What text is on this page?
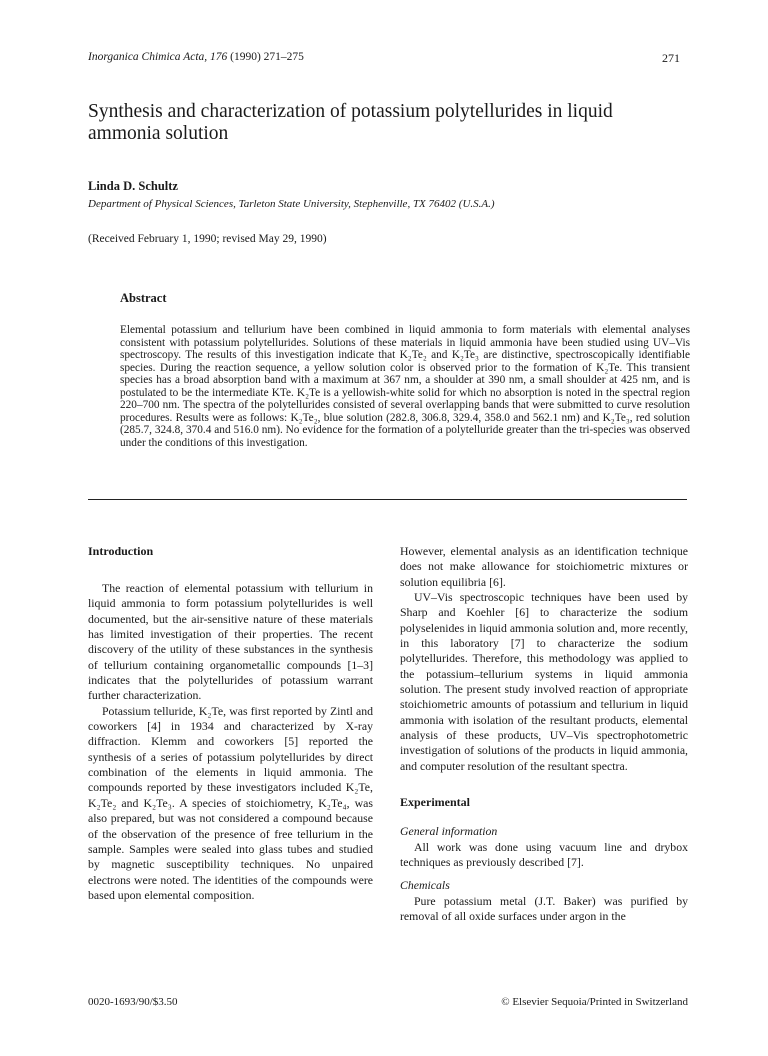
Inorganica Chimica Acta, 176 (1990) 271–275	271
Synthesis and characterization of potassium polytellurides in liquid ammonia solution
Linda D. Schultz
Department of Physical Sciences, Tarleton State University, Stephenville, TX 76402 (U.S.A.)
(Received February 1, 1990; revised May 29, 1990)
Abstract
Elemental potassium and tellurium have been combined in liquid ammonia to form materials with elemental analyses consistent with potassium polytellurides. Solutions of these materials in liquid ammonia have been studied using UV–Vis spectroscopy. The results of this investigation indicate that K₂Te₂ and K₂Te₃ are distinctive, spectroscopically identifiable species. During the reaction sequence, a yellow solution color is observed prior to the formation of K₂Te. This transient species has a broad absorption band with a maximum at 367 nm, a shoulder at 390 nm, a small shoulder at 425 nm, and is postulated to be the intermediate KTe. K₂Te is a yellowish-white solid for which no absorption is noted in the spectral region 220–700 nm. The spectra of the polytellurides consisted of several overlapping bands that were submitted to curve resolution procedures. Results were as follows: K₂Te₂, blue solution (282.8, 306.8, 329.4, 358.0 and 562.1 nm) and K₂Te₃, red solution (285.7, 324.8, 370.4 and 516.0 nm). No evidence for the formation of a polytelluride greater than the tri-species was observed under the conditions of this investigation.
Introduction

The reaction of elemental potassium with tellurium in liquid ammonia to form potassium polytellurides is well documented, but the air-sensitive nature of these materials has limited investigation of their properties. The recent discovery of the utility of these substances in the synthesis of tellurium containing organometallic compounds [1–3] indicates that the polytellurides of potassium warrant further characterization.

Potassium telluride, K₂Te, was first reported by Zintl and coworkers [4] in 1934 and characterized by X-ray diffraction. Klemm and coworkers [5] reported the synthesis of a series of potassium polytellurides by direct combination of the elements in liquid ammonia. The compounds reported by these investigators included K₂Te, K₂Te₂ and K₂Te₃. A species of stoichiometry, K₂Te₄, was also prepared, but was not considered a compound because of the observation of the presence of free tellurium in the sample. Samples were sealed into glass tubes and studied by magnetic susceptibility techniques. No unpaired electrons were noted. The identities of the compounds were based upon elemental composition.

However, elemental analysis as an identification technique does not make allowance for stoichiometric mixtures or solution equilibria [6].

UV–Vis spectroscopic techniques have been used by Sharp and Koehler [6] to characterize the sodium polyselenides in liquid ammonia solution and, more recently, in this laboratory [7] to characterize the sodium polytellurides. Therefore, this methodology was applied to the potassium–tellurium systems in liquid ammonia solution. The present study involved reaction of appropriate stoichiometric amounts of potassium and tellurium in liquid ammonia with isolation of the resultant products, elemental analysis of these products, UV–Vis spectrophotometric investigation of solutions of the products in liquid ammonia, and computer resolution of the resultant spectra.

Experimental
General information

All work was done using vacuum line and drybox techniques as previously described [7].

Chemicals

Pure potassium metal (J.T. Baker) was purified by removal of all oxide surfaces under argon in the

0020-1693/90/$3.50	© Elsevier Sequoia/Printed in Switzerland
